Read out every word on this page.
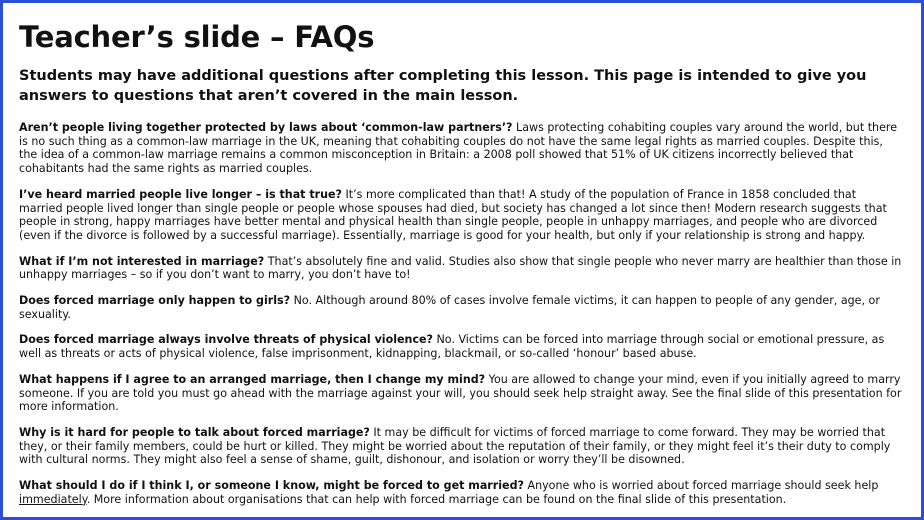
Teacher’s slide – FAQs

Students may have additional questions after completing this lesson. This page is intended to give you answers to questions that aren’t covered in the main lesson.

Aren’t people living together protected by laws about ‘common-law partners’? Laws protecting cohabiting couples vary around the world, but there is no such thing as a common-law marriage in the UK, meaning that cohabiting couples do not have the same legal rights as married couples. Despite this, the idea of a common-law marriage remains a common misconception in Britain: a 2008 poll showed that 51% of UK citizens incorrectly believed that cohabitants had the same rights as married couples.

I’ve heard married people live longer – is that true? It’s more complicated than that! A study of the population of France in 1858 concluded that married people lived longer than single people or people whose spouses had died, but society has changed a lot since then! Modern research suggests that people in strong, happy marriages have better mental and physical health than single people, people in unhappy marriages, and people who are divorced (even if the divorce is followed by a successful marriage). Essentially, marriage is good for your health, but only if your relationship is strong and happy.

What if I’m not interested in marriage? That’s absolutely fine and valid. Studies also show that single people who never marry are healthier than those in unhappy marriages – so if you don’t want to marry, you don’t have to!

Does forced marriage only happen to girls? No. Although around 80% of cases involve female victims, it can happen to people of any gender, age, or sexuality.

Does forced marriage always involve threats of physical violence? No. Victims can be forced into marriage through social or emotional pressure, as well as threats or acts of physical violence, false imprisonment, kidnapping, blackmail, or so-called ‘honour’ based abuse.

What happens if I agree to an arranged marriage, then I change my mind? You are allowed to change your mind, even if you initially agreed to marry someone. If you are told you must go ahead with the marriage against your will, you should seek help straight away. See the final slide of this presentation for more information.

Why is it hard for people to talk about forced marriage? It may be difficult for victims of forced marriage to come forward. They may be worried that they, or their family members, could be hurt or killed. They might be worried about the reputation of their family, or they might feel it’s their duty to comply with cultural norms. They might also feel a sense of shame, guilt, dishonour, and isolation or worry they’ll be disowned.

What should I do if I think I, or someone I know, might be forced to get married? Anyone who is worried about forced marriage should seek help immediately. More information about organisations that can help with forced marriage can be found on the final slide of this presentation.
